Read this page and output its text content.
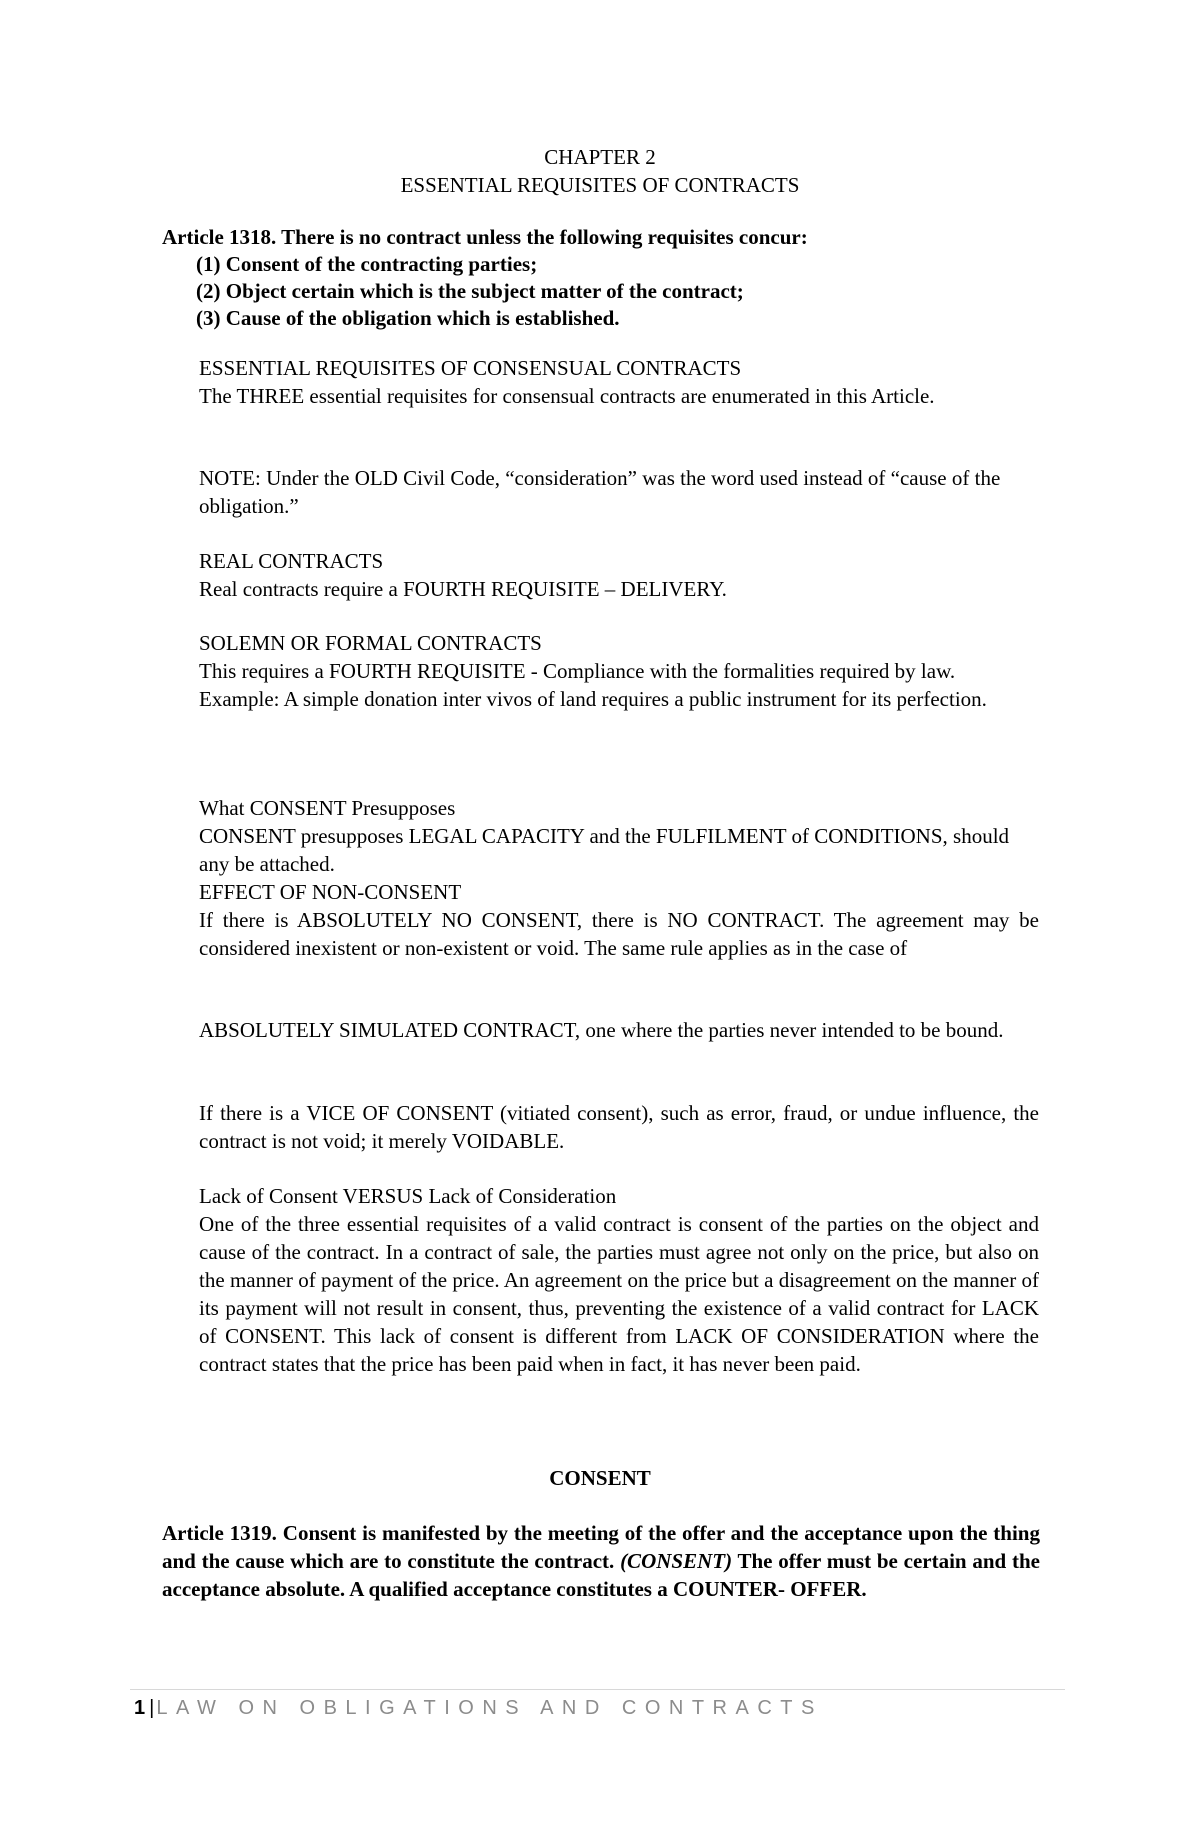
CHAPTER 2
ESSENTIAL REQUISITES OF CONTRACTS
Article 1318. There is no contract unless the following requisites concur:
(1) Consent of the contracting parties;
(2) Object certain which is the subject matter of the contract;
(3) Cause of the obligation which is established.

ESSENTIAL REQUISITES OF CONSENSUAL CONTRACTS

The THREE essential requisites for consensual contracts are enumerated in this Article.

NOTE: Under the OLD Civil Code, “consideration” was the word used instead of “cause of the obligation.”

REAL CONTRACTS

Real contracts require a FOURTH REQUISITE – DELIVERY.

SOLEMN OR FORMAL CONTRACTS

This requires a FOURTH REQUISITE - Compliance with the formalities required by law.

Example: A simple donation inter vivos of land requires a public instrument for its perfection.

What CONSENT Presupposes

CONSENT presupposes LEGAL CAPACITY and the FULFILMENT of CONDITIONS, should any be attached.

EFFECT OF NON-CONSENT

If there is ABSOLUTELY NO CONSENT, there is NO CONTRACT. The agreement may be considered inexistent or non-existent or void. The same rule applies as in the case of

ABSOLUTELY SIMULATED CONTRACT, one where the parties never intended to be bound.

If there is a VICE OF CONSENT (vitiated consent), such as error, fraud, or undue influence, the contract is not void; it merely VOIDABLE.

Lack of Consent VERSUS Lack of Consideration

One of the three essential requisites of a valid contract is consent of the parties on the object and cause of the contract. In a contract of sale, the parties must agree not only on the price, but also on the manner of payment of the price. An agreement on the price but a disagreement on the manner of its payment will not result in consent, thus, preventing the existence of a valid contract for LACK of CONSENT. This lack of consent is different from LACK OF CONSIDERATION where the contract states that the price has been paid when in fact, it has never been paid.

CONSENT
Article 1319. Consent is manifested by the meeting of the offer and the acceptance upon the thing and the cause which are to constitute the contract. (CONSENT) The offer must be certain and the acceptance absolute. A qualified acceptance constitutes a COUNTER- OFFER.
1 | LAW ON OBLIGATIONS AND CONTRACTS
